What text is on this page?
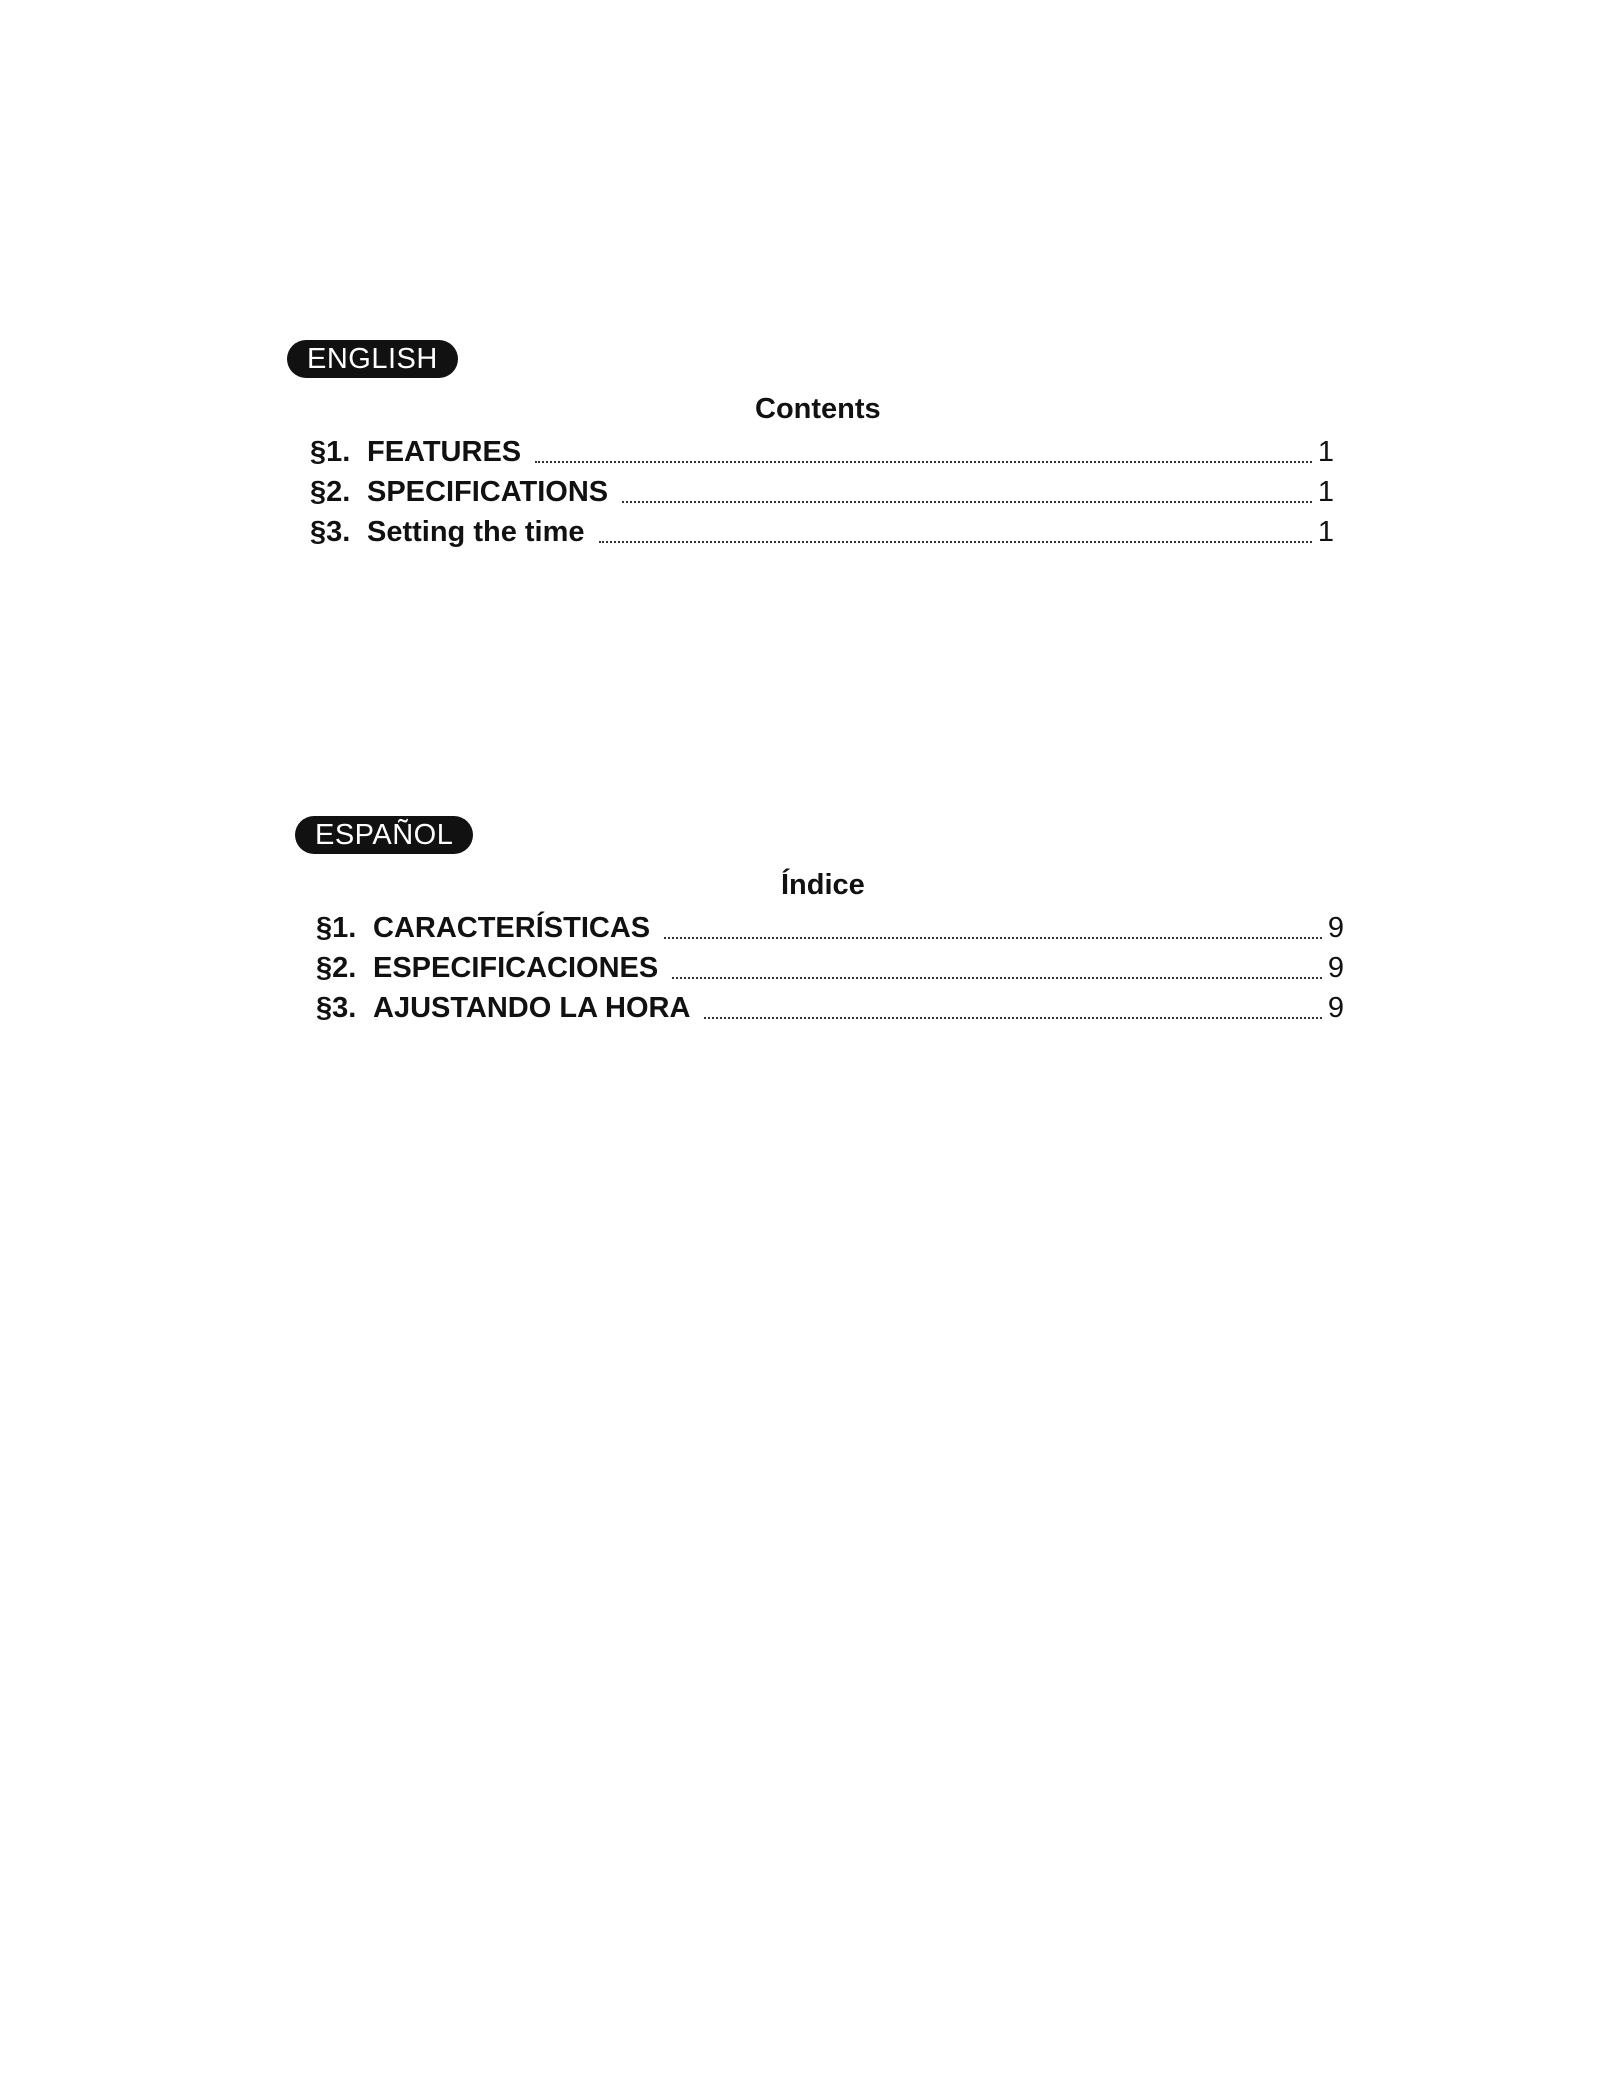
ENGLISH
Contents
§1. FEATURES	1
§2. SPECIFICATIONS	1
§3. Setting the time	1
ESPAÑOL
Índice
§1. CARACTERÍSTICAS	9
§2. ESPECIFICACIONES	9
§3. AJUSTANDO LA HORA	9
